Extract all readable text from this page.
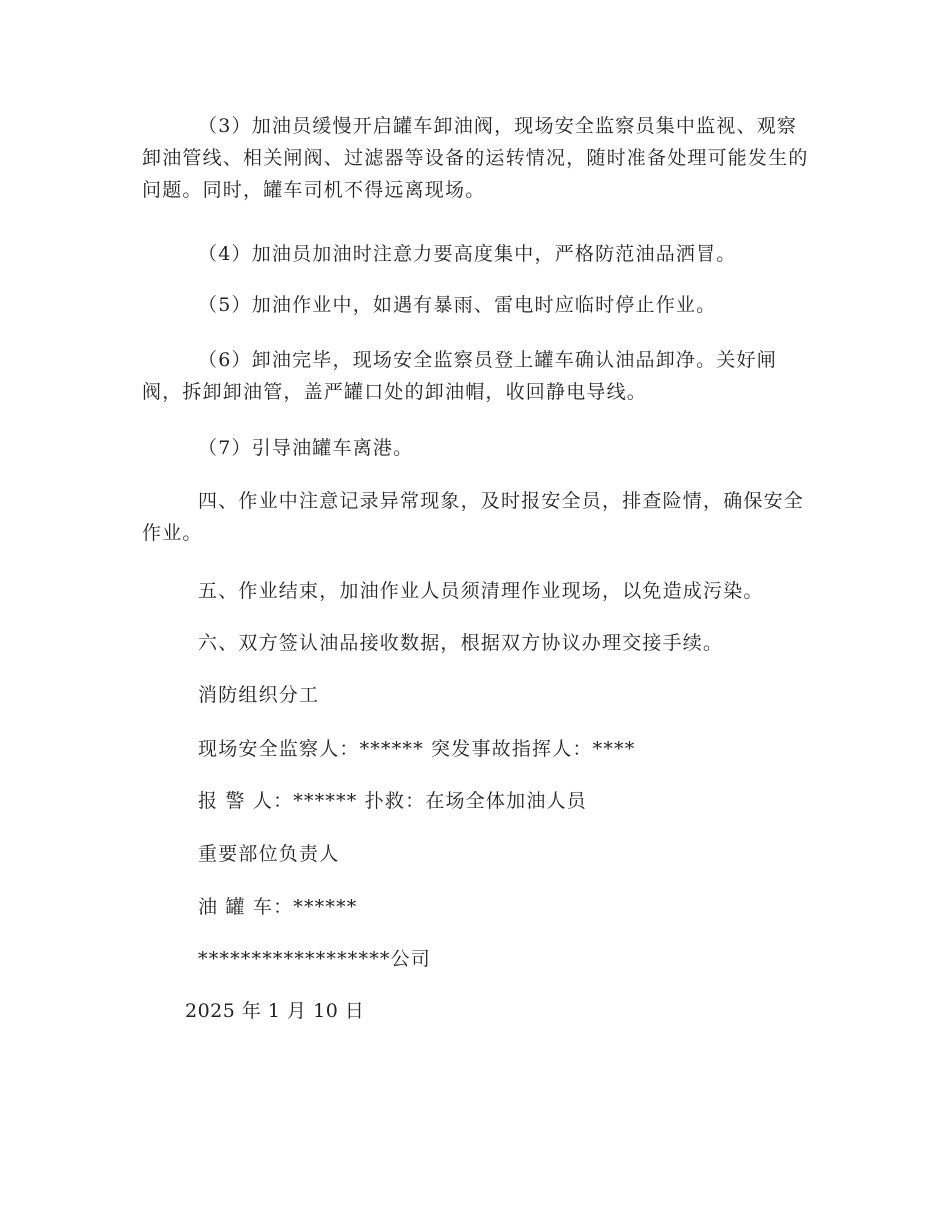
（3）加油员缓慢开启罐车卸油阀，现场安全监察员集中监视、观察卸油管线、相关闸阀、过滤器等设备的运转情况，随时准备处理可能发生的问题。同时，罐车司机不得远离现场。

（4）加油员加油时注意力要高度集中，严格防范油品洒冒。

（5）加油作业中，如遇有暴雨、雷电时应临时停止作业。

（6）卸油完毕，现场安全监察员登上罐车确认油品卸净。关好闸阀，拆卸卸油管，盖严罐口处的卸油帽，收回静电导线。

（7）引导油罐车离港。

四、作业中注意记录异常现象，及时报安全员，排查险情，确保安全作业。

五、作业结束，加油作业人员须清理作业现场，以免造成污染。

六、双方签认油品接收数据，根据双方协议办理交接手续。

消防组织分工

现场安全监察人：****** 突发事故指挥人：****

报 警 人：****** 扑救：在场全体加油人员

重要部位负责人

油 罐 车：******

******************公司

2025 年 1 月 10 日
